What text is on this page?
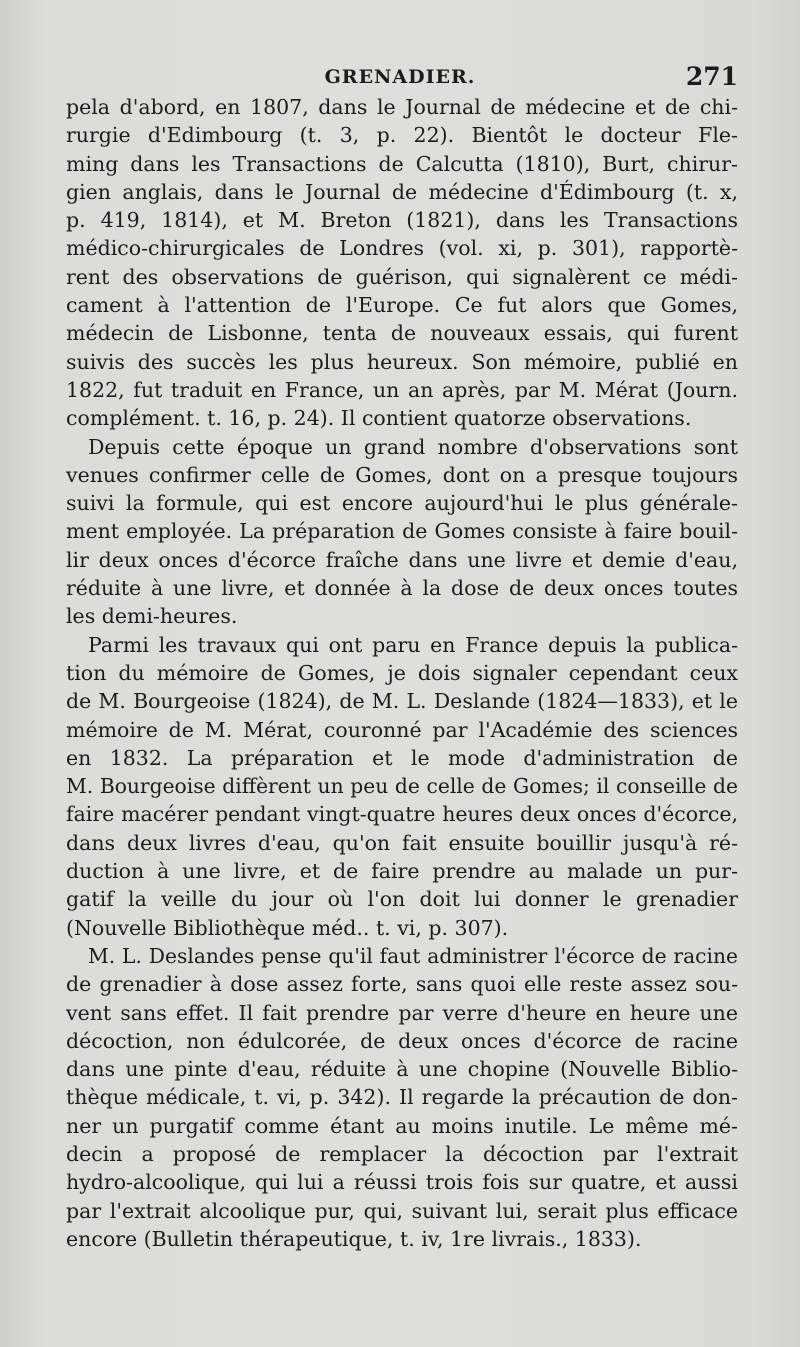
GRENADIER.	271
pela d'abord, en 1807, dans le Journal de médecine et de chi-
rurgie d'Edimbourg (t. 3, p. 22). Bientôt le docteur Fle-
ming dans les Transactions de Calcutta (1810), Burt, chirur-
gien anglais, dans le Journal de médecine d'Édimbourg (t. x,
p. 419, 1814), et M. Breton (1821), dans les Transactions
médico-chirurgicales de Londres (vol. xi, p. 301), rapportè-
rent des observations de guérison, qui signalèrent ce médi-
cament à l'attention de l'Europe. Ce fut alors que Gomes,
médecin de Lisbonne, tenta de nouveaux essais, qui furent
suivis des succès les plus heureux. Son mémoire, publié en
1822, fut traduit en France, un an après, par M. Mérat (Journ.
complément. t. 16, p. 24). Il contient quatorze observations.
Depuis cette époque un grand nombre d'observations sont
venues confirmer celle de Gomes, dont on a presque toujours
suivi la formule, qui est encore aujourd'hui le plus générale-
ment employée. La préparation de Gomes consiste à faire bouil-
lir deux onces d'écorce fraîche dans une livre et demie d'eau,
réduite à une livre, et donnée à la dose de deux onces toutes
les demi-heures.
Parmi les travaux qui ont paru en France depuis la publica-
tion du mémoire de Gomes, je dois signaler cependant ceux
de M. Bourgeoise (1824), de M. L. Deslande (1824—1833), et le
mémoire de M. Mérat, couronné par l'Académie des sciences
en 1832. La préparation et le mode d'administration de
M. Bourgeoise diffèrent un peu de celle de Gomes; il conseille de
faire macérer pendant vingt-quatre heures deux onces d'écorce,
dans deux livres d'eau, qu'on fait ensuite bouillir jusqu'à ré-
duction à une livre, et de faire prendre au malade un pur-
gatif la veille du jour où l'on doit lui donner le grenadier
(Nouvelle Bibliothèque méd.. t. vi, p. 307).
M. L. Deslandes pense qu'il faut administrer l'écorce de racine
de grenadier à dose assez forte, sans quoi elle reste assez sou-
vent sans effet. Il fait prendre par verre d'heure en heure une
décoction, non édulcorée, de deux onces d'écorce de racine
dans une pinte d'eau, réduite à une chopine (Nouvelle Biblio-
thèque médicale, t. vi, p. 342). Il regarde la précaution de don-
ner un purgatif comme étant au moins inutile. Le même mé-
decin a proposé de remplacer la décoction par l'extrait
hydro-alcoolique, qui lui a réussi trois fois sur quatre, et aussi
par l'extrait alcoolique pur, qui, suivant lui, serait plus efficace
encore (Bulletin thérapeutique, t. iv, 1re livrais., 1833).
